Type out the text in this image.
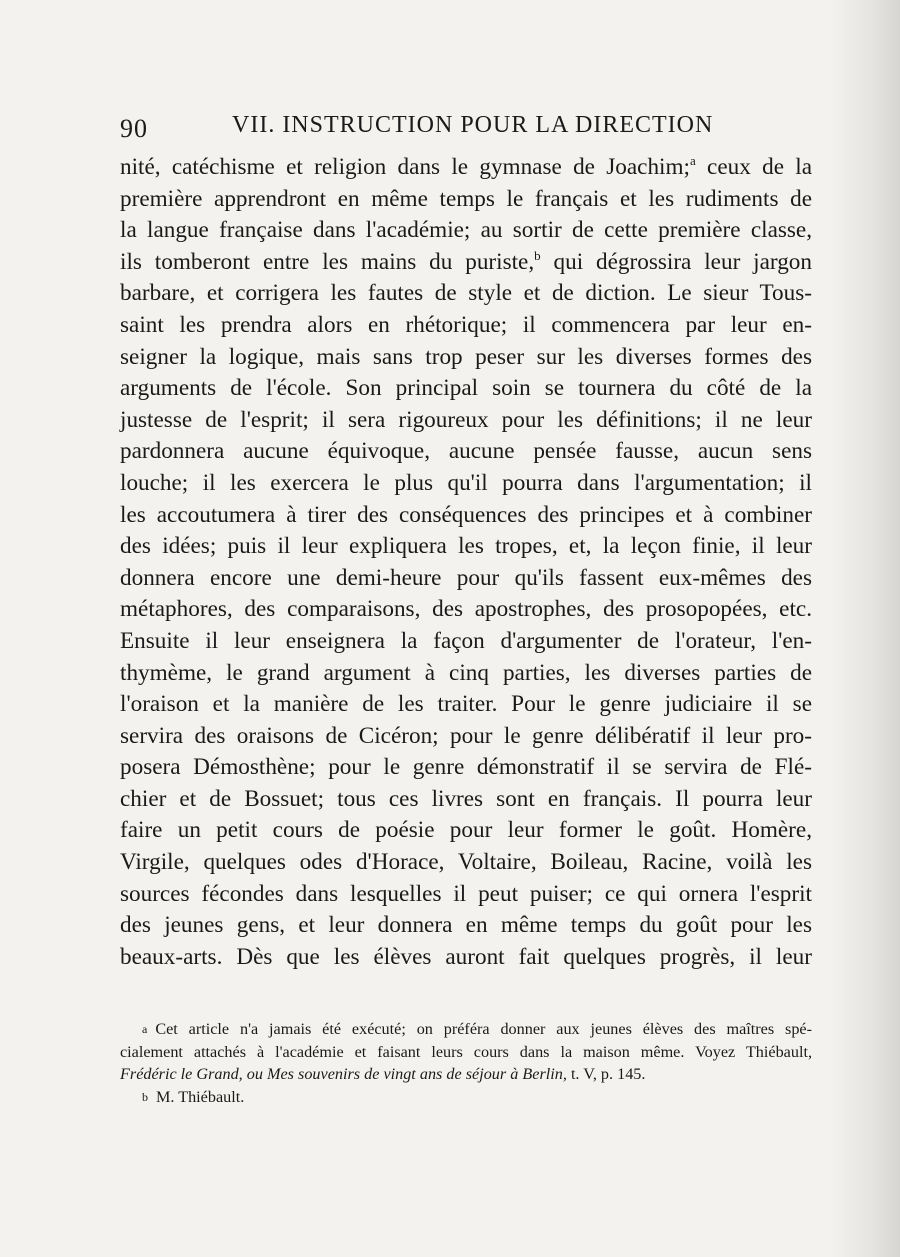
90	VII. INSTRUCTION POUR LA DIRECTION
nité, catéchisme et religion dans le gymnase de Joachim;$^a$ ceux de la
première apprendront en même temps le français et les rudiments de
la langue française dans l'académie; au sortir de cette première classe,
ils tomberont entre les mains du puriste,$^b$ qui dégrossira leur jargon
barbare, et corrigera les fautes de style et de diction. Le sieur Tous-
saint les prendra alors en rhétorique; il commencera par leur en-
seigner la logique, mais sans trop peser sur les diverses formes des
arguments de l'école. Son principal soin se tournera du côté de la
justesse de l'esprit; il sera rigoureux pour les définitions; il ne leur
pardonnera aucune équivoque, aucune pensée fausse, aucun sens
louche; il les exercera le plus qu'il pourra dans l'argumentation; il
les accoutumera à tirer des conséquences des principes et à combiner
des idées; puis il leur expliquera les tropes, et, la leçon finie, il leur
donnera encore une demi-heure pour qu'ils fassent eux-mêmes des
métaphores, des comparaisons, des apostrophes, des prosopopées, etc.
Ensuite il leur enseignera la façon d'argumenter de l'orateur, l'en-
thymème, le grand argument à cinq parties, les diverses parties de
l'oraison et la manière de les traiter. Pour le genre judiciaire il se
servira des oraisons de Cicéron; pour le genre délibératif il leur pro-
posera Démosthène; pour le genre démonstratif il se servira de Flé-
chier et de Bossuet; tous ces livres sont en français. Il pourra leur
faire un petit cours de poésie pour leur former le goût. Homère,
Virgile, quelques odes d'Horace, Voltaire, Boileau, Racine, voilà les
sources fécondes dans lesquelles il peut puiser; ce qui ornera l'esprit
des jeunes gens, et leur donnera en même temps du goût pour les
beaux-arts. Dès que les élèves auront fait quelques progrès, il leur
a Cet article n'a jamais été exécuté; on préféra donner aux jeunes élèves des maîtres spé-
cialement attachés à l'académie et faisant leurs cours dans la maison même. Voyez Thiébault,
Frédéric le Grand, ou Mes souvenirs de vingt ans de séjour à Berlin, t. V, p. 145.
b M. Thiébault.
